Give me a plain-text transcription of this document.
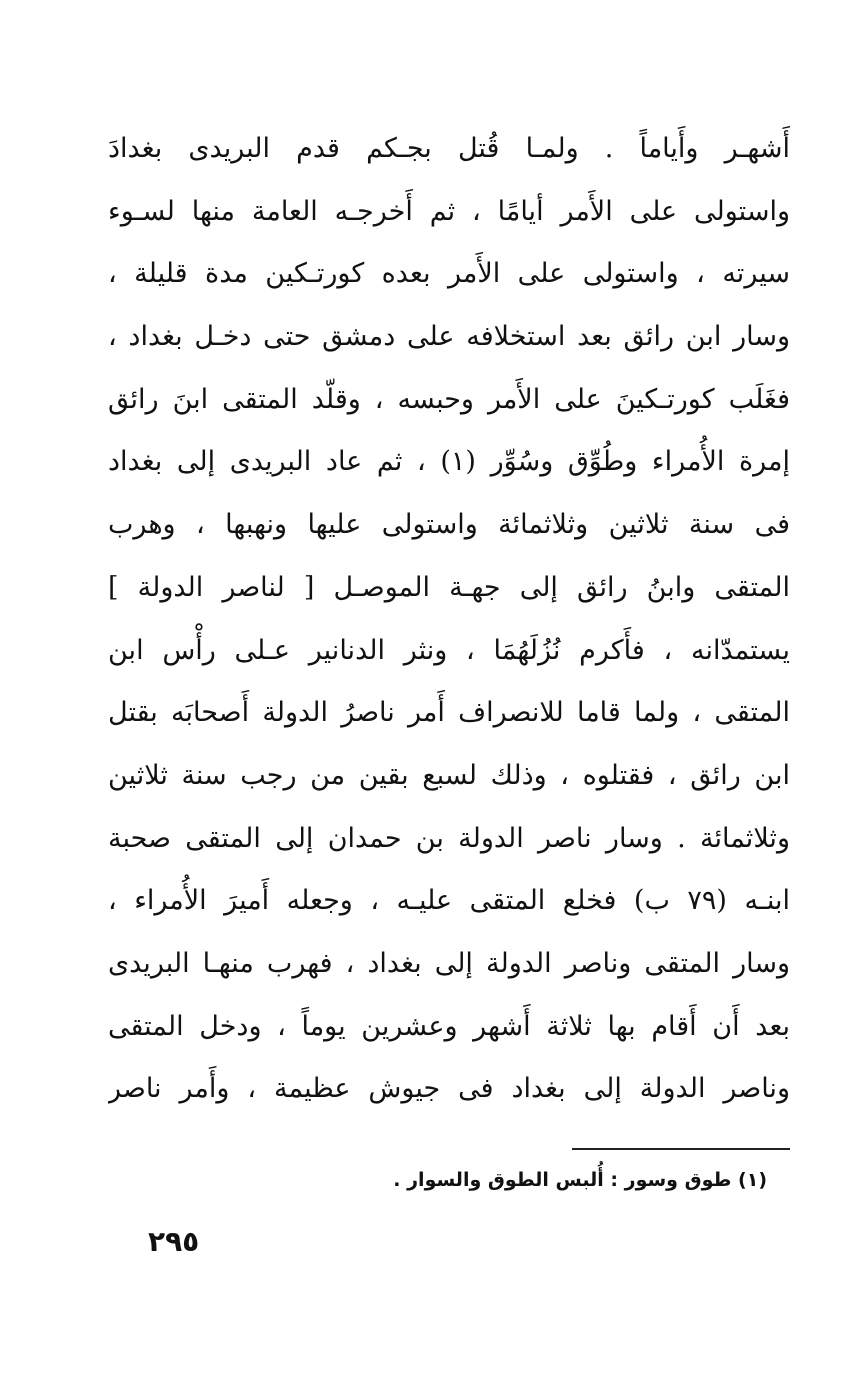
أَشهـر وأَياماً . ولمـا قُتل بجـكم قدم البريدى بغدادَ
واستولى على الأَمر أيامًا ، ثم أَخرجـه العامة منها لسـوء
سيرته ، واستولى على الأَمر بعده كورتـكين مدة قليلة ،
وسار ابن رائق بعد استخلافه على دمشق حتى دخـل بغداد ،
فغَلَب كورتـكينَ على الأَمر وحبسه ، وقلّد المتقى ابنَ رائق
إمرة الأُمراء وطُوِّق وسُوِّر (١) ، ثم عاد البريدى إلى بغداد
فى سنة ثلاثين وثلاثمائة واستولى عليها ونهبها ، وهرب
المتقى وابنُ رائق إلى جهـة الموصـل [ لناصر الدولة ]
يستمدّانه ، فأَكرم نُزُلَهُمَا ، ونثر الدنانير عـلى رأْس ابن
المتقى ، ولما قاما للانصراف أَمر ناصرُ الدولة أَصحابَه بقتل
ابن رائق ، فقتلوه ، وذلك لسبع بقين من رجب سنة ثلاثين
وثلاثمائة . وسار ناصر الدولة بن حمدان إلى المتقى صحبة
ابنـه (٧٩ ب) فخلع المتقى عليـه ، وجعله أَميرَ الأُمراء ،
وسار المتقى وناصر الدولة إلى بغداد ، فهرب منهـا البريدى
بعد أَن أَقام بها ثلاثة أَشهر وعشرين يوماً ، ودخل المتقى
وناصر الدولة إلى بغداد فى جيوش عظيمة ، وأَمر ناصر
(١) طوق وسور : أُلبس الطوق والسوار .
٢٩٥
